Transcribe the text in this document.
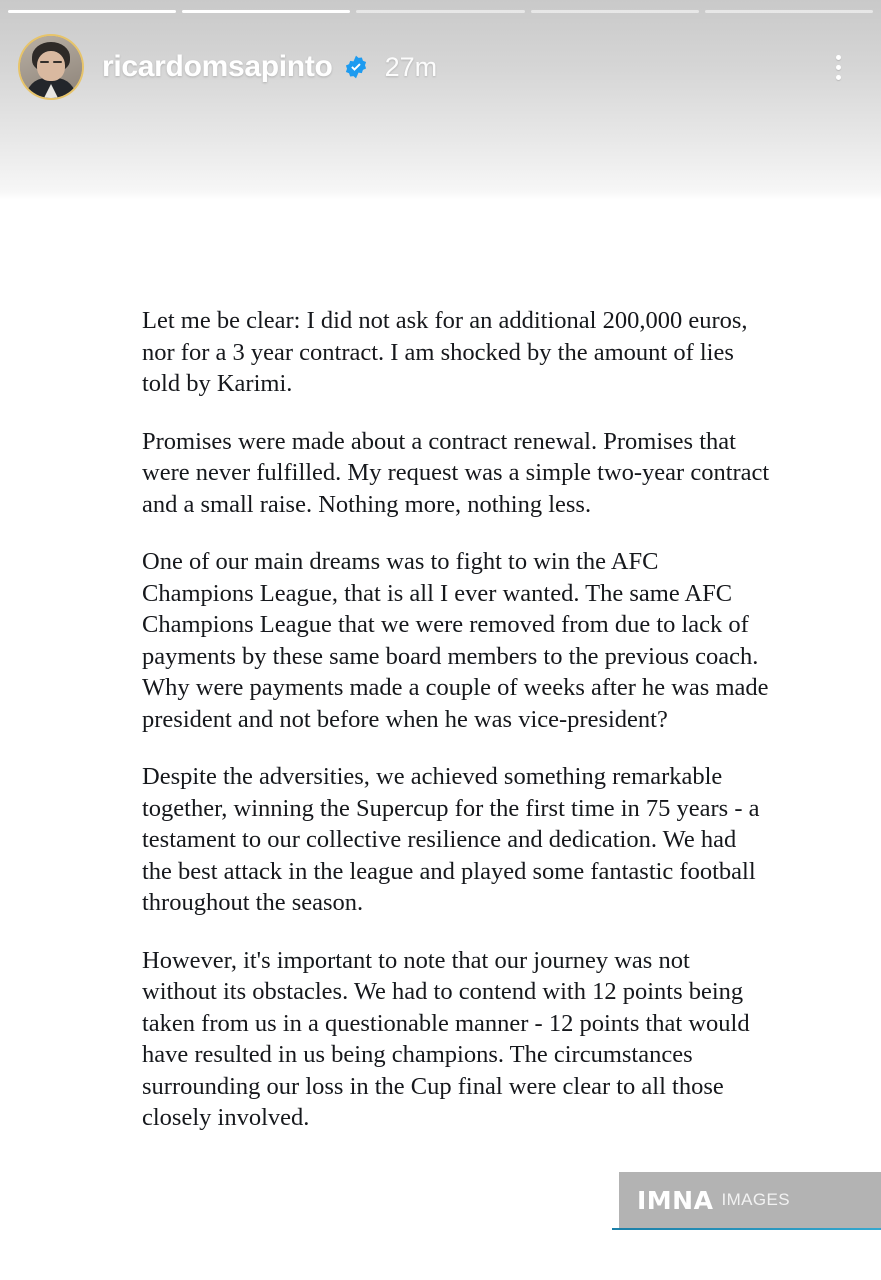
ricardomsapinto 27m

Let me be clear: I did not ask for an additional 200,000 euros, nor for a 3 year contract. I am shocked by the amount of lies told by Karimi.

Promises were made about a contract renewal. Promises that were never fulfilled. My request was a simple two-year contract and a small raise. Nothing more, nothing less.

One of our main dreams was to fight to win the AFC Champions League, that is all I ever wanted. The same AFC Champions League that we were removed from due to lack of payments by these same board members to the previous coach. Why were payments made a couple of weeks after he was made president and not before when he was vice-president?

Despite the adversities, we achieved something remarkable together, winning the Supercup for the first time in 75 years - a testament to our collective resilience and dedication. We had the best attack in the league and played some fantastic football throughout the season.

However, it's important to note that our journey was not without its obstacles. We had to contend with 12 points being taken from us in a questionable manner - 12 points that would have resulted in us being champions. The circumstances surrounding our loss in the Cup final were clear to all those closely involved.

IMNA IMAGES
